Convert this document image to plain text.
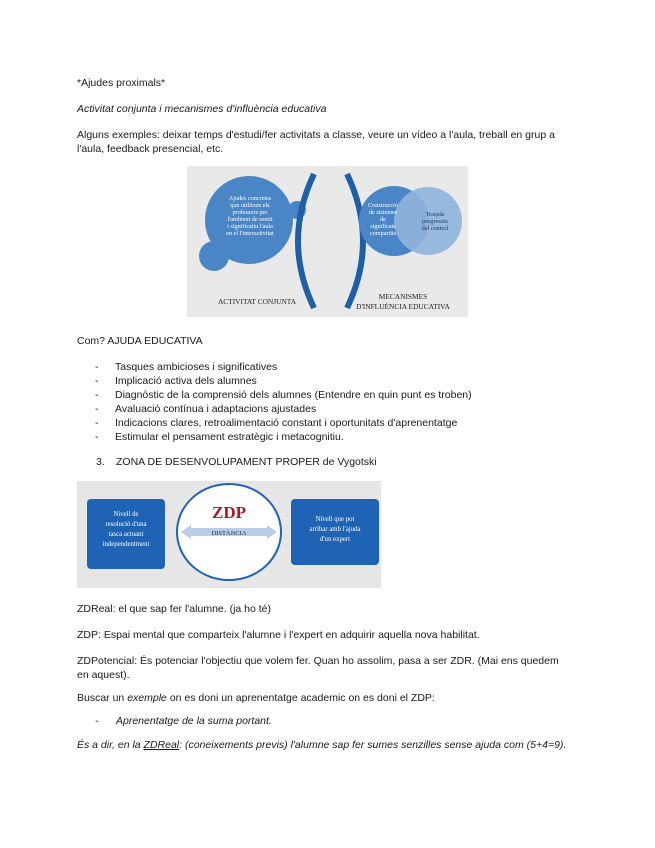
*Ajudes proximals*
Activitat conjunta i mecanismes d'influència educativa
Alguns exemples: deixar temps d'estudi/fer activitats a classe, veure un vídeo a l'aula, treball en grup a
l'aula, feedback presencial, etc.
Ajudes concretes
que utilitzen els
professors per
l'ambient de sentit
i significatiu l'aula
en el l'interactivitat
Construcció
de sistemes
de
significats
compartits
Traspàs
progressiu
del control
ACTIVITAT CONJUNTA
MECANISMES
D'INFLUÈNCIA EDUCATIVA
Com? AJUDA EDUCATIVA
- Tasques ambicioses i significatives
- Implicació activa dels alumnes
- Diagnòstic de la comprensió dels alumnes (Entendre en quin punt es troben)
- Avaluació contínua i adaptacions ajustades
- Indicacions clares, retroalimentació constant i oportunitats d'aprenentatge
- Estimular el pensament estratègic i metacognitiu.
3. ZONA DE DESENVOLUPAMENT PROPER de Vygotski
ZDP
DISTÀNCIA
Nivell de
resolució d'una
tasca actuant
independentment
Nivell que pot
arribar amb l'ajuda
d'un expert
ZDReal: el que sap fer l'alumne. (ja ho té)
ZDP: Espai mental que comparteix l'alumne i l'expert en adquirir aquella nova habilitat.
ZDPotencial: És potenciar l'objectiu que volem fer. Quan ho assolim, pasa a ser ZDR. (Mai ens quedem
en aquest).
Buscar un exemple on es doni un aprenentatge academic on es doni el ZDP:
- Aprenentatge de la suma portant.
És a dir, en la ZDReal: (coneixements previs) l'alumne sap fer sumes senzilles sense ajuda com (5+4=9).
